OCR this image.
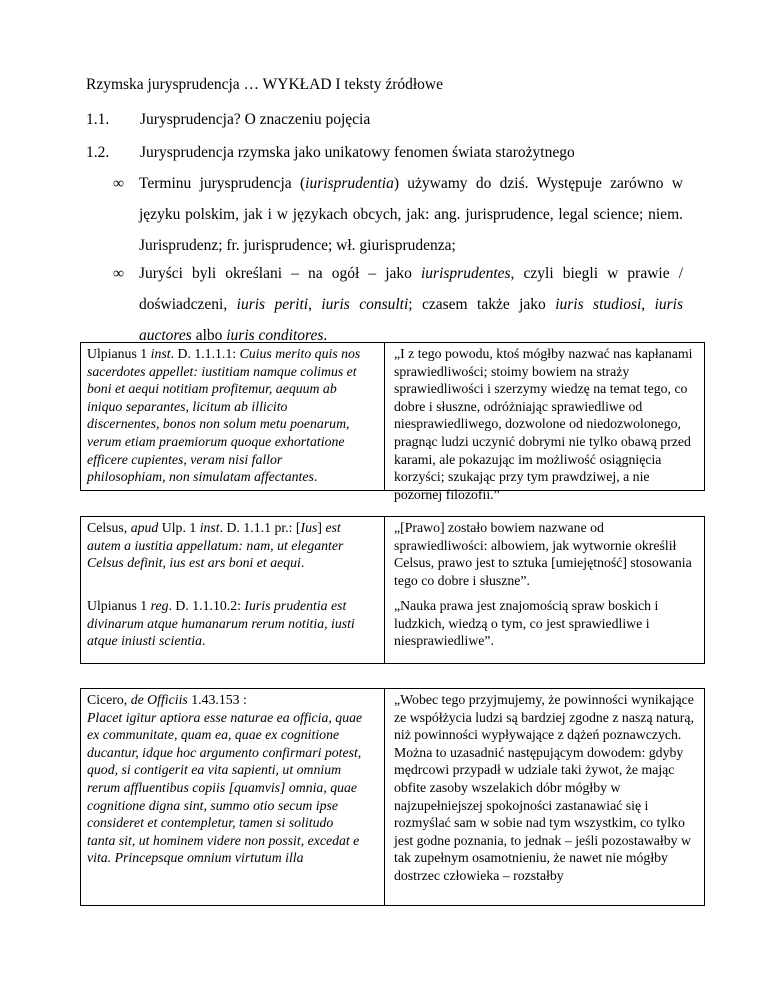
Rzymska jurysprudencja … WYKŁAD I teksty źródłowe
1.1.	Jurysprudencja? O znaczeniu pojęcia
1.2.	Jurysprudencja rzymska jako unikatowy fenomen świata starożytnego
∞ Terminu jurysprudencja (iurisprudentia) używamy do dziś. Występuje zarówno w
języku polskim, jak i w językach obcych, jak: ang. jurisprudence, legal science; niem.
Jurisprudenz; fr. jurisprudence; wł. giurisprudenza;
∞ Juryści byli określani – na ogół – jako iurisprudentes, czyli biegli w prawie /
doświadczeni, iuris periti, iuris consulti; czasem także jako iuris studiosi, iuris
auctores albo iuris conditores.
Ulpianus 1 inst. D. 1.1.1.1: Cuius merito quis nos sacerdotes appellet: iustitiam namque colimus et boni et aequi notitiam profitemur, aequum ab iniquo separantes, licitum ab illicito discernentes, bonos non solum metu poenarum, verum etiam praemiorum quoque exhortatione efficere cupientes, veram nisi fallor philosophiam, non simulatam affectantes.
„I z tego powodu, ktoś mógłby nazwać nas kapłanami sprawiedliwości; stoimy bowiem na straży sprawiedliwości i szerzymy wiedzę na temat tego, co dobre i słuszne, odróżniając sprawiedliwe od niesprawiedliwego, dozwolone od niedozwolonego, pragnąc ludzi uczynić dobrymi nie tylko obawą przed karami, ale pokazując im możliwość osiągnięcia korzyści; szukając przy tym prawdziwej, a nie pozornej filozofii.”
Celsus, apud Ulp. 1 inst. D. 1.1.1 pr.: [Ius] est autem a iustitia appellatum: nam, ut eleganter Celsus definit, ius est ars boni et aequi.
„[Prawo] zostało bowiem nazwane od sprawiedliwości: albowiem, jak wytwornie określił Celsus, prawo jest to sztuka [umiejętność] stosowania tego co dobre i słuszne”.
Ulpianus 1 reg. D. 1.1.10.2: Iuris prudentia est divinarum atque humanarum rerum notitia, iusti atque iniusti scientia.
„Nauka prawa jest znajomością spraw boskich i ludzkich, wiedzą o tym, co jest sprawiedliwe i niesprawiedliwe”.
Cicero, de Officiis 1.43.153 :
Placet igitur aptiora esse naturae ea officia, quae ex communitate, quam ea, quae ex cognitione ducantur, idque hoc argumento confirmari potest, quod, si contigerit ea vita sapienti, ut omnium rerum affluentibus copiis [quamvis] omnia, quae cognitione digna sint, summo otio secum ipse consideret et contempletur, tamen si solitudo tanta sit, ut hominem videre non possit, excedat e vita. Princepsque omnium virtutum illa
„Wobec tego przyjmujemy, że powinności wynikające ze współżycia ludzi są bardziej zgodne z naszą naturą, niż powinności wypływające z dążeń poznawczych. Można to uzasadnić następującym dowodem: gdyby mędrcowi przypadł w udziale taki żywot, że mając obfite zasoby wszelakich dóbr mógłby w najzupełniejszej spokojności zastanawiać się i rozmyślać sam w sobie nad tym wszystkim, co tylko jest godne poznania, to jednak – jeśli pozostawałby w tak zupełnym osamotnieniu, że nawet nie mógłby dostrzec człowieka – rozstałby
